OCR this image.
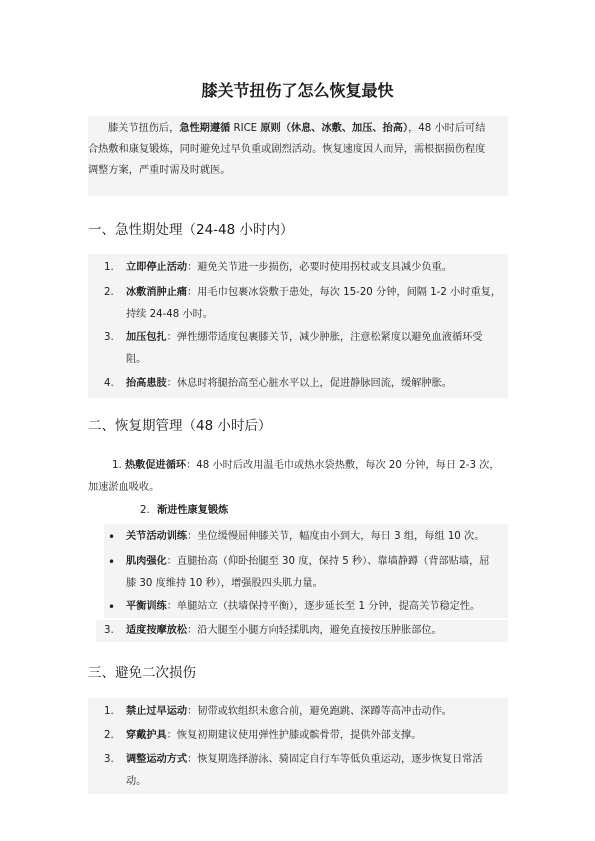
膝关节扭伤了怎么恢复最快

膝关节扭伤后，急性期遵循 RICE 原则（休息、冰敷、加压、抬高），48 小时后可结

合热敷和康复锻炼，同时避免过早负重或剧烈活动。恢复速度因人而异，需根据损伤程度
调整方案，严重时需及时就医。
一、急性期处理（24-48 小时内）
1. 立即停止活动：避免关节进一步损伤，必要时使用拐杖或支具减少负重。
2. 冰敷消肿止痛：用毛巾包裹冰袋敷于患处，每次 15-20 分钟，间隔 1-2 小时重复，
持续 24-48 小时。
3. 加压包扎：弹性绷带适度包裹膝关节，减少肿胀，注意松紧度以避免血液循环受
阻。
4. 抬高患肢：休息时将腿抬高至心脏水平以上，促进静脉回流，缓解肿胀。
二、恢复期管理（48 小时后）
1. 热敷促进循环：48 小时后改用温毛巾或热水袋热敷，每次 20 分钟，每日 2-3 次，
加速淤血吸收。
2. 渐进性康复锻炼
• 关节活动训练：坐位缓慢屈伸膝关节，幅度由小到大，每日 3 组，每组 10 次。
• 肌肉强化：直腿抬高（仰卧抬腿至 30 度，保持 5 秒）、靠墙静蹲（背部贴墙，屈
膝 30 度维持 10 秒），增强股四头肌力量。
• 平衡训练：单腿站立（扶墙保持平衡），逐步延长至 1 分钟，提高关节稳定性。
3. 适度按摩放松：沿大腿至小腿方向轻揉肌肉，避免直接按压肿胀部位。
三、避免二次损伤
1. 禁止过早运动：韧带或软组织未愈合前，避免跑跳、深蹲等高冲击动作。
2. 穿戴护具：恢复初期建议使用弹性护膝或髌骨带，提供外部支撑。
3. 调整运动方式：恢复期选择游泳、骑固定自行车等低负重运动，逐步恢复日常活
动。
